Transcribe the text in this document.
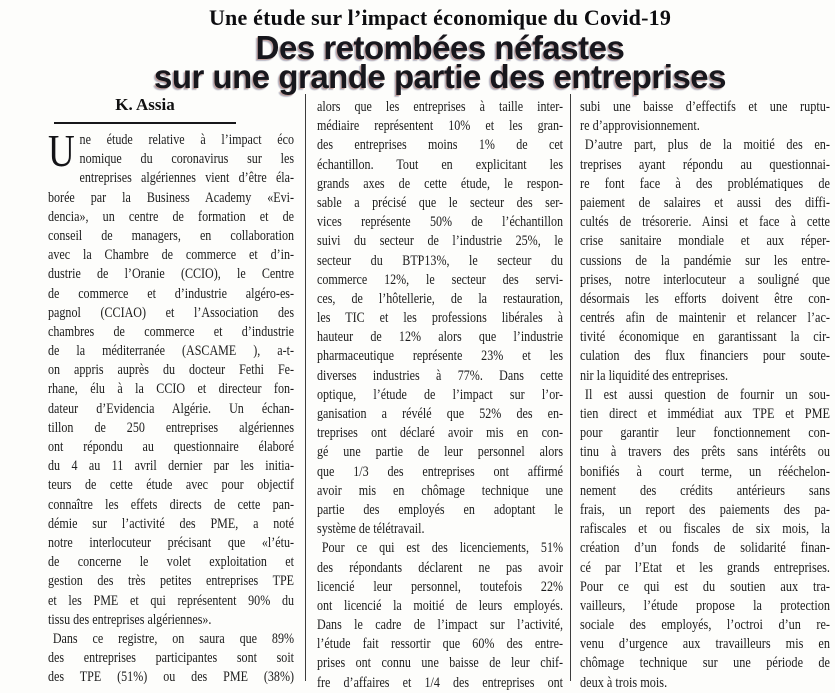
Une étude sur l’impact économique du Covid-19
Des retombées néfastes
sur une grande partie des entreprises
K. Assia
U ne étude relative à l’impact éco
nomique du coronavirus sur les
entreprises algériennes vient d’être éla-
borée par la Business Academy «Evi-
dencia», un centre de formation et de
conseil de managers, en collaboration
avec la Chambre de commerce et d’in-
dustrie de l’Oranie (CCIO), le Centre
de commerce et d’industrie algéro-es-
pagnol (CCIAO) et l’Association des
chambres de commerce et d’industrie
de la méditerranée (ASCAME ), a-t-
on appris auprès du docteur Fethi Fe-
rhane, élu à la CCIO et directeur fon-
dateur d’Evidencia Algérie. Un échan-
tillon de 250 entreprises algériennes
ont répondu au questionnaire élaboré
du 4 au 11 avril dernier par les initia-
teurs de cette étude avec pour objectif
connaître les effets directs de cette pan-
démie sur l’activité des PME, a noté
notre interlocuteur précisant que «l’étu-
de concerne le volet exploitation et
gestion des très petites entreprises TPE
et les PME et qui représentent 90% du
tissu des entreprises algériennes».
Dans ce registre, on saura que 89%
des entreprises participantes sont soit
des TPE (51%) ou des PME (38%)
alors que les entreprises à taille inter-
médiaire représentent 10% et les gran-
des entreprises moins 1% de cet
échantillon. Tout en explicitant les
grands axes de cette étude, le respon-
sable a précisé que le secteur des ser-
vices représente 50% de l’échantillon
suivi du secteur de l’industrie 25%, le
secteur du BTP13%, le secteur du
commerce 12%, le secteur des servi-
ces, de l’hôtellerie, de la restauration,
les TIC et les professions libérales à
hauteur de 12% alors que l’industrie
pharmaceutique représente 23% et les
diverses industries à 77%. Dans cette
optique, l’étude de l’impact sur l’or-
ganisation a révélé que 52% des en-
treprises ont déclaré avoir mis en con-
gé une partie de leur personnel alors
que 1/3 des entreprises ont affirmé
avoir mis en chômage technique une
partie des employés en adoptant le
système de télétravail.
Pour ce qui est des licenciements, 51%
des répondants déclarent ne pas avoir
licencié leur personnel, toutefois 22%
ont licencié la moitié de leurs employés.
Dans le cadre de l’impact sur l’activité,
l’étude fait ressortir que 60% des entre-
prises ont connu une baisse de leur chif-
fre d’affaires et 1/4 des entreprises ont
subi une baisse d’effectifs et une ruptu-
re d’approvisionnement.
D’autre part, plus de la moitié des en-
treprises ayant répondu au questionnai-
re font face à des problématiques de
paiement de salaires et aussi des diffi-
cultés de trésorerie. Ainsi et face à cette
crise sanitaire mondiale et aux réper-
cussions de la pandémie sur les entre-
prises, notre interlocuteur a souligné que
désormais les efforts doivent être con-
centrés afin de maintenir et relancer l’ac-
tivité économique en garantissant la cir-
culation des flux financiers pour soute-
nir la liquidité des entreprises.
Il est aussi question de fournir un sou-
tien direct et immédiat aux TPE et PME
pour garantir leur fonctionnement con-
tinu à travers des prêts sans intérêts ou
bonifiés à court terme, un rééchelon-
nement des crédits antérieurs sans
frais, un report des paiements des pa-
rafiscales et ou fiscales de six mois, la
création d’un fonds de solidarité finan-
cé par l’Etat et les grands entreprises.
Pour ce qui est du soutien aux tra-
vailleurs, l’étude propose la protection
sociale des employés, l’octroi d’un re-
venu d’urgence aux travailleurs mis en
chômage technique sur une période de
deux à trois mois.
